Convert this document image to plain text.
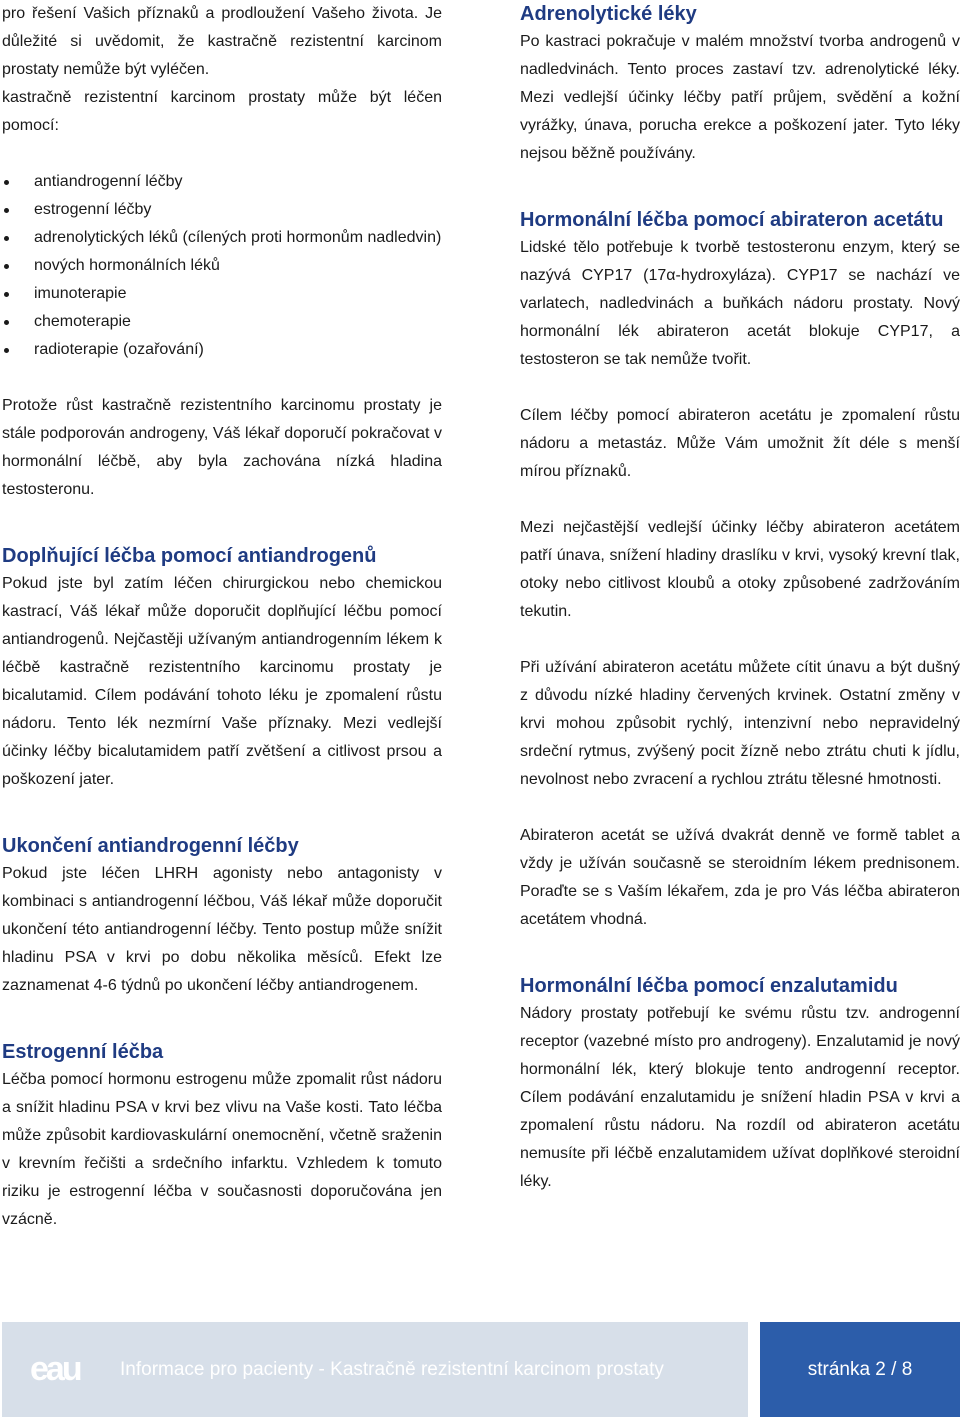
pro řešení Vašich příznaků a prodloužení Vašeho života. Je důležité si uvědomit, že kastračně rezistentní karcinom prostaty nemůže být vyléčen.

kastračně rezistentní karcinom prostaty může být léčen pomocí:

antiandrogenní léčby
estrogenní léčby
adrenolytických léků (cílených proti hormonům nadledvin)
nových hormonálních léků
imunoterapie
chemoterapie
radioterapie (ozařování)

Protože růst kastračně rezistentního karcinomu prostaty je stále podporován androgeny, Váš lékař doporučí pokračovat v hormonální léčbě, aby byla zachována nízká hladina testosteronu.

Doplňující léčba pomocí antiandrogenů

Pokud jste byl zatím léčen chirurgickou nebo chemickou kastrací, Váš lékař může doporučit doplňující léčbu pomocí antiandrogenů. Nejčastěji užívaným antiandrogenním lékem k léčbě kastračně rezistentního karcinomu prostaty je bicalutamid. Cílem podávání tohoto léku je zpomalení růstu nádoru. Tento lék nezmírní Vaše příznaky. Mezi vedlejší účinky léčby bicalutamidem patří zvětšení a citlivost prsou a poškození jater.

Ukončení antiandrogenní léčby

Pokud jste léčen LHRH agonisty nebo antagonisty v kombinaci s antiandrogenní léčbou, Váš lékař může doporučit ukončení této antiandrogenní léčby. Tento postup může snížit hladinu PSA v krvi po dobu několika měsíců. Efekt lze zaznamenat 4-6 týdnů po ukončení léčby antiandrogenem.

Estrogenní léčba

Léčba pomocí hormonu estrogenu může zpomalit růst nádoru a snížit hladinu PSA v krvi bez vlivu na Vaše kosti. Tato léčba může způsobit kardiovaskulární onemocnění, včetně sraženin v krevním řečišti a srdečního infarktu. Vzhledem k tomuto riziku je estrogenní léčba v současnosti doporučována jen vzácně.

Adrenolytické léky

Po kastraci pokračuje v malém množství tvorba androgenů v nadledvinách. Tento proces zastaví tzv. adrenolytické léky. Mezi vedlejší účinky léčby patří průjem, svědění a kožní vyrážky, únava, porucha erekce a poškození jater. Tyto léky nejsou běžně používány.

Hormonální léčba pomocí abirateron acetátu

Lidské tělo potřebuje k tvorbě testosteronu enzym, který se nazývá CYP17 (17α-hydroxyláza). CYP17 se nachází ve varlatech, nadledvinách a buňkách nádoru prostaty. Nový hormonální lék abirateron acetát blokuje CYP17, a testosteron se tak nemůže tvořit.

Cílem léčby pomocí abirateron acetátu je zpomalení růstu nádoru a metastáz. Může Vám umožnit žít déle s menší mírou příznaků.

Mezi nejčastější vedlejší účinky léčby abirateron acetátem patří únava, snížení hladiny draslíku v krvi, vysoký krevní tlak, otoky nebo citlivost kloubů a otoky způsobené zadržováním tekutin.

Při užívání abirateron acetátu můžete cítit únavu a být dušný z důvodu nízké hladiny červených krvinek. Ostatní změny v krvi mohou způsobit rychlý, intenzivní nebo nepravidelný srdeční rytmus, zvýšený pocit žízně nebo ztrátu chuti k jídlu, nevolnost nebo zvracení a rychlou ztrátu tělesné hmotnosti.

Abirateron acetát se užívá dvakrát denně ve formě tablet a vždy je užíván současně se steroidním lékem prednisonem. Poraďte se s Vaším lékařem, zda je pro Vás léčba abirateron acetátem vhodná.

Hormonální léčba pomocí enzalutamidu

Nádory prostaty potřebují ke svému růstu tzv. androgenní receptor (vazebné místo pro androgeny). Enzalutamid je nový hormonální lék, který blokuje tento androgenní receptor. Cílem podávání enzalutamidu je snížení hladin PSA v krvi a zpomalení růstu nádoru. Na rozdíl od abirateron acetátu nemusíte při léčbě enzalutamidem užívat doplňkové steroidní léky.

eau Informace pro pacienty - Kastračně rezistentní karcinom prostaty	stránka 2 / 8
